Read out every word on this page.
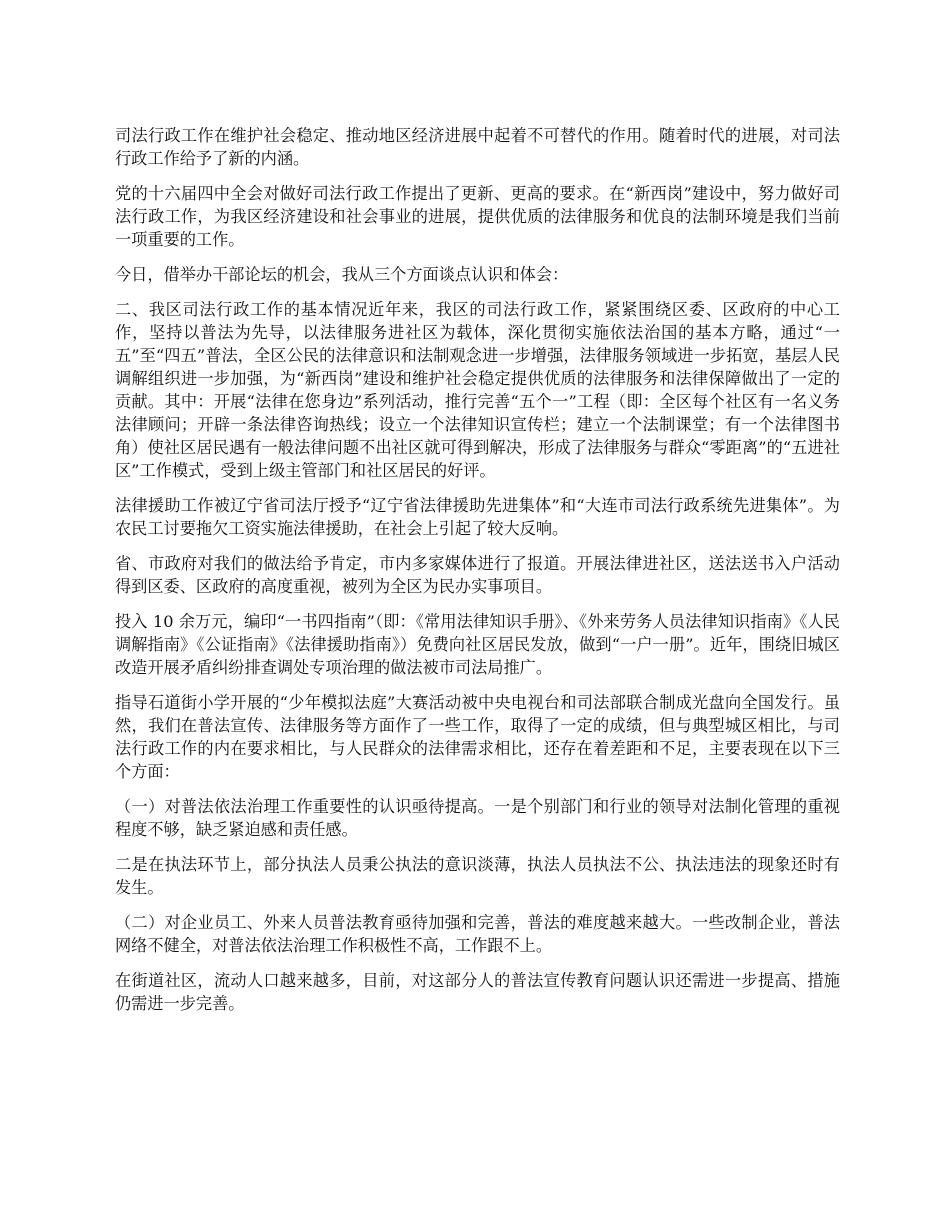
司法行政工作在维护社会稳定、推动地区经济进展中起着不可替代的作用。随着时代的进展，对司法行政工作给予了新的内涵。

党的十六届四中全会对做好司法行政工作提出了更新、更高的要求。在“新西岗”建设中，努力做好司法行政工作，为我区经济建设和社会事业的进展，提供优质的法律服务和优良的法制环境是我们当前一项重要的工作。

今日，借举办干部论坛的机会，我从三个方面谈点认识和体会：

二、我区司法行政工作的基本情况近年来，我区的司法行政工作，紧紧围绕区委、区政府的中心工作，坚持以普法为先导，以法律服务进社区为载体，深化贯彻实施依法治国的基本方略，通过“一五”至“四五”普法，全区公民的法律意识和法制观念进一步增强，法律服务领域进一步拓宽，基层人民调解组织进一步加强，为“新西岗”建设和维护社会稳定提供优质的法律服务和法律保障做出了一定的贡献。其中：开展“法律在您身边”系列活动，推行完善“五个一”工程（即：全区每个社区有一名义务法律顾问；开辟一条法律咨询热线；设立一个法律知识宣传栏；建立一个法制课堂；有一个法律图书角）使社区居民遇有一般法律问题不出社区就可得到解决，形成了法律服务与群众“零距离”的“五进社区”工作模式，受到上级主管部门和社区居民的好评。

法律援助工作被辽宁省司法厅授予“辽宁省法律援助先进集体”和“大连市司法行政系统先进集体”。为农民工讨要拖欠工资实施法律援助，在社会上引起了较大反响。

省、市政府对我们的做法给予肯定，市内多家媒体进行了报道。开展法律进社区，送法送书入户活动得到区委、区政府的高度重视，被列为全区为民办实事项目。

投入 10 余万元，编印“一书四指南”（即：《常用法律知识手册》、《外来劳务人员法律知识指南》《人民调解指南》《公证指南》《法律援助指南》）免费向社区居民发放，做到“一户一册”。近年，围绕旧城区改造开展矛盾纠纷排查调处专项治理的做法被市司法局推广。

指导石道街小学开展的“少年模拟法庭”大赛活动被中央电视台和司法部联合制成光盘向全国发行。虽然，我们在普法宣传、法律服务等方面作了一些工作，取得了一定的成绩，但与典型城区相比，与司法行政工作的内在要求相比，与人民群众的法律需求相比，还存在着差距和不足，主要表现在以下三个方面：

（一）对普法依法治理工作重要性的认识亟待提高。一是个别部门和行业的领导对法制化管理的重视程度不够，缺乏紧迫感和责任感。

二是在执法环节上，部分执法人员秉公执法的意识淡薄，执法人员执法不公、执法违法的现象还时有发生。

（二）对企业员工、外来人员普法教育亟待加强和完善，普法的难度越来越大。一些改制企业，普法网络不健全，对普法依法治理工作积极性不高，工作跟不上。

在街道社区，流动人口越来越多，目前，对这部分人的普法宣传教育问题认识还需进一步提高、措施仍需进一步完善。
